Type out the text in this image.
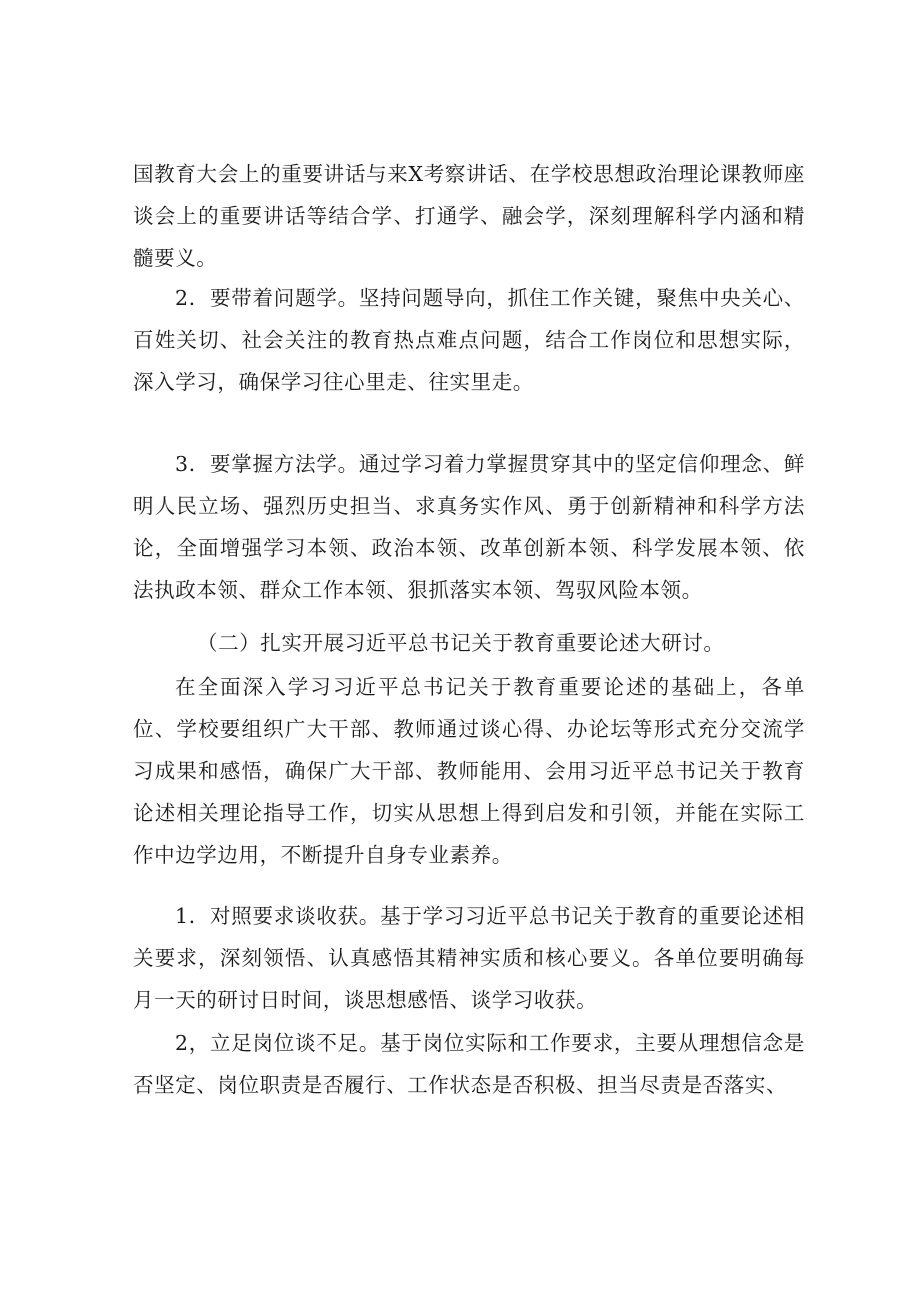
国教育大会上的重要讲话与来X考察讲话、在学校思想政治理论课教师座谈会上的重要讲话等结合学、打通学、融会学，深刻理解科学内涵和精髓要义。

2．要带着问题学。坚持问题导向，抓住工作关键，聚焦中央关心、百姓关切、社会关注的教育热点难点问题，结合工作岗位和思想实际，深入学习，确保学习往心里走、往实里走。

3．要掌握方法学。通过学习着力掌握贯穿其中的坚定信仰理念、鲜明人民立场、强烈历史担当、求真务实作风、勇于创新精神和科学方法论，全面增强学习本领、政治本领、改革创新本领、科学发展本领、依法执政本领、群众工作本领、狠抓落实本领、驾驭风险本领。

（二）扎实开展习近平总书记关于教育重要论述大研讨。

在全面深入学习习近平总书记关于教育重要论述的基础上，各单位、学校要组织广大干部、教师通过谈心得、办论坛等形式充分交流学习成果和感悟，确保广大干部、教师能用、会用习近平总书记关于教育论述相关理论指导工作，切实从思想上得到启发和引领，并能在实际工作中边学边用，不断提升自身专业素养。

1．对照要求谈收获。基于学习习近平总书记关于教育的重要论述相关要求，深刻领悟、认真感悟其精神实质和核心要义。各单位要明确每月一天的研讨日时间，谈思想感悟、谈学习收获。

2，立足岗位谈不足。基于岗位实际和工作要求，主要从理想信念是否坚定、岗位职责是否履行、工作状态是否积极、担当尽责是否落实、
